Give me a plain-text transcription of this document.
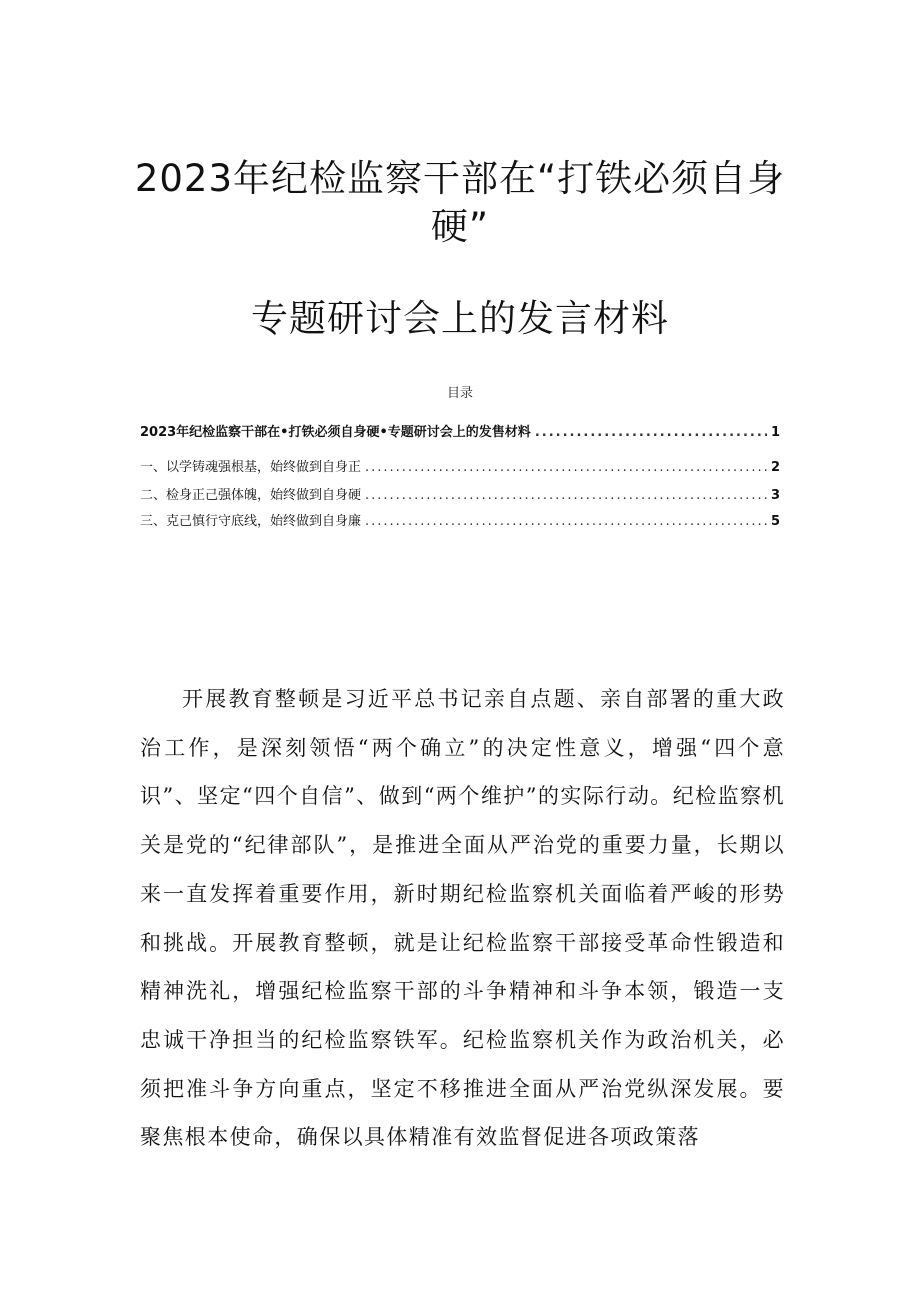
2023年纪检监察干部在“打铁必须自身
硬”
专题研讨会上的发言材料
目录
2023年纪检监察干部在•打铁必须自身硬•专题研讨会上的发售材料 .....	1
一、以学铸魂强根基，始终做到自身正 .....	2
二、检身正己强体魄，始终做到自身硬 .....	3
三、克己慎行守底线，始终做到自身廉 .....	5

开展教育整顿是习近平总书记亲自点题、亲自部署的重大政治工作，是深刻领悟“两个确立”的决定性意义，增强“四个意识”、坚定“四个自信”、做到“两个维护”的实际行动。纪检监察机关是党的“纪律部队”，是推进全面从严治党的重要力量，长期以来一直发挥着重要作用，新时期纪检监察机关面临着严峻的形势和挑战。开展教育整顿，就是让纪检监察干部接受革命性锻造和精神洗礼，增强纪检监察干部的斗争精神和斗争本领，锻造一支忠诚干净担当的纪检监察铁军。纪检监察机关作为政治机关，必须把准斗争方向重点，坚定不移推进全面从严治党纵深发展。要聚焦根本使命，确保以具体精准有效监督促进各项政策落
